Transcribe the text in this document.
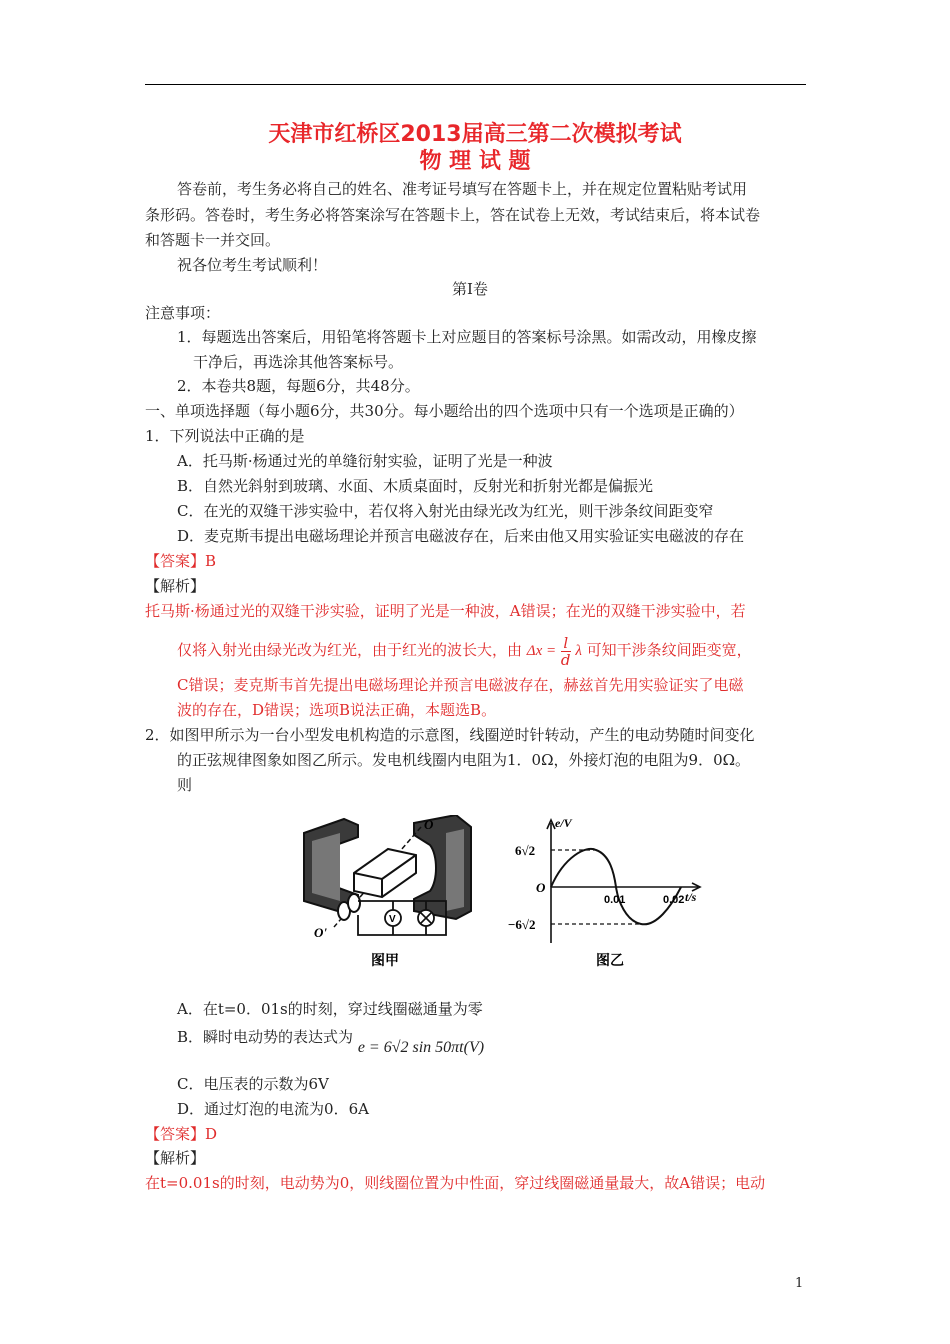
天津市红桥区2013届高三第二次模拟考试
物 理 试 题
答卷前，考生务必将自己的姓名、准考证号填写在答题卡上，并在规定位置粘贴考试用
条形码。答卷时，考生务必将答案涂写在答题卡上，答在试卷上无效，考试结束后，将本试卷
和答题卡一并交回。
祝各位考生考试顺利！
第Ⅰ卷
注意事项：
1．每题选出答案后，用铅笔将答题卡上对应题目的答案标号涂黑。如需改动，用橡皮擦
干净后，再选涂其他答案标号。
2．本卷共8题，每题6分，共48分。
一、单项选择题（每小题6分，共30分。每小题给出的四个选项中只有一个选项是正确的）
1．下列说法中正确的是
A．托马斯·杨通过光的单缝衍射实验，证明了光是一种波
B．自然光斜射到玻璃、水面、木质桌面时，反射光和折射光都是偏振光
C．在光的双缝干涉实验中，若仅将入射光由绿光改为红光，则干涉条纹间距变窄
D．麦克斯韦提出电磁场理论并预言电磁波存在，后来由他又用实验证实电磁波的存在
【答案】B
【解析】
托马斯·杨通过光的双缝干涉实验，证明了光是一种波，A错误；在光的双缝干涉实验中，若
仅将入射光由绿光改为红光，由于红光的波长大，由 $\Delta x = \frac{l}{d}$ λ 可知干涉条纹间距变宽，
C错误；麦克斯韦首先提出电磁场理论并预言电磁波存在，赫兹首先用实验证实了电磁
波的存在，D错误；选项B说法正确，本题选B。
2．如图甲所示为一台小型发电机构造的示意图，线圈逆时针转动，产生的电动势随时间变化
的正弦规律图象如图乙所示。发电机线圈内电阻为1．0Ω，外接灯泡的电阻为9．0Ω。
则
O
O'
V
图甲
e/V
t/s
6√2
−6√2
O
0.01	0.02
图乙
A．在t=0．01s的时刻，穿过线圈磁通量为零
B．瞬时电动势的表达式为 e = 6√2 sin 50πt(V)
C．电压表的示数为6V
D．通过灯泡的电流为0．6A
【答案】D
【解析】
在t=0.01s的时刻，电动势为0，则线圈位置为中性面，穿过线圈磁通量最大，故A错误；电动
1
